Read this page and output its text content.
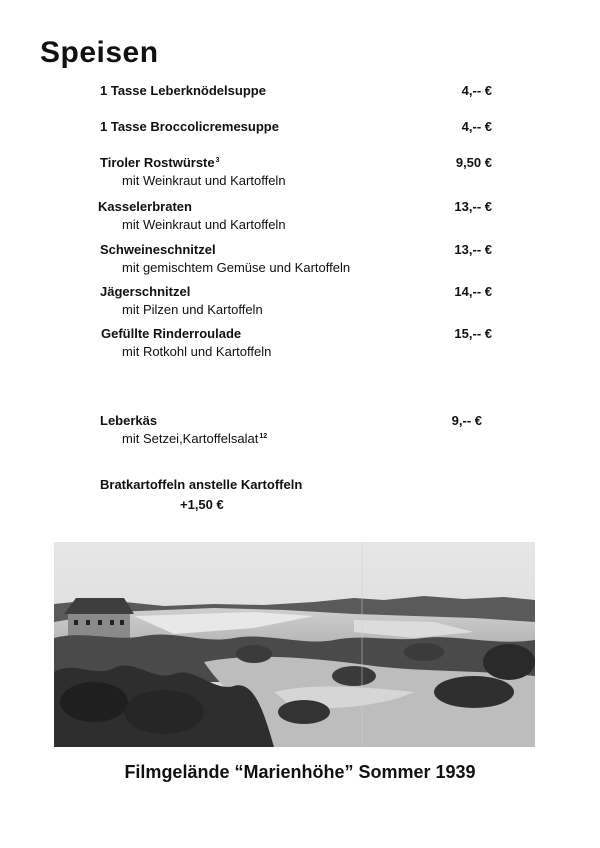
Speisen
1 Tasse Leberknödelsuppe	4,-- €
1 Tasse Broccolicremesuppe	4,-- €
Tiroler Rostwürste$^3$
mit Weinkraut und Kartoffeln
9,50 €
Kasselerbraten
mit Weinkraut und Kartoffeln
13,-- €
Schweineschnitzel
mit gemischtem Gemüse und Kartoffeln
13,-- €
Jägerschnitzel
mit Pilzen und Kartoffeln
14,-- €
Gefüllte Rinderroulade
mit Rotkohl und Kartoffeln
15,-- €
Leberkäs
mit Setzei,Kartoffelsalat$^{12}$
9,-- €
Bratkartoffeln anstelle Kartoffeln
+1,50 €
Filmgelände “Marienhöhe” Sommer 1939
